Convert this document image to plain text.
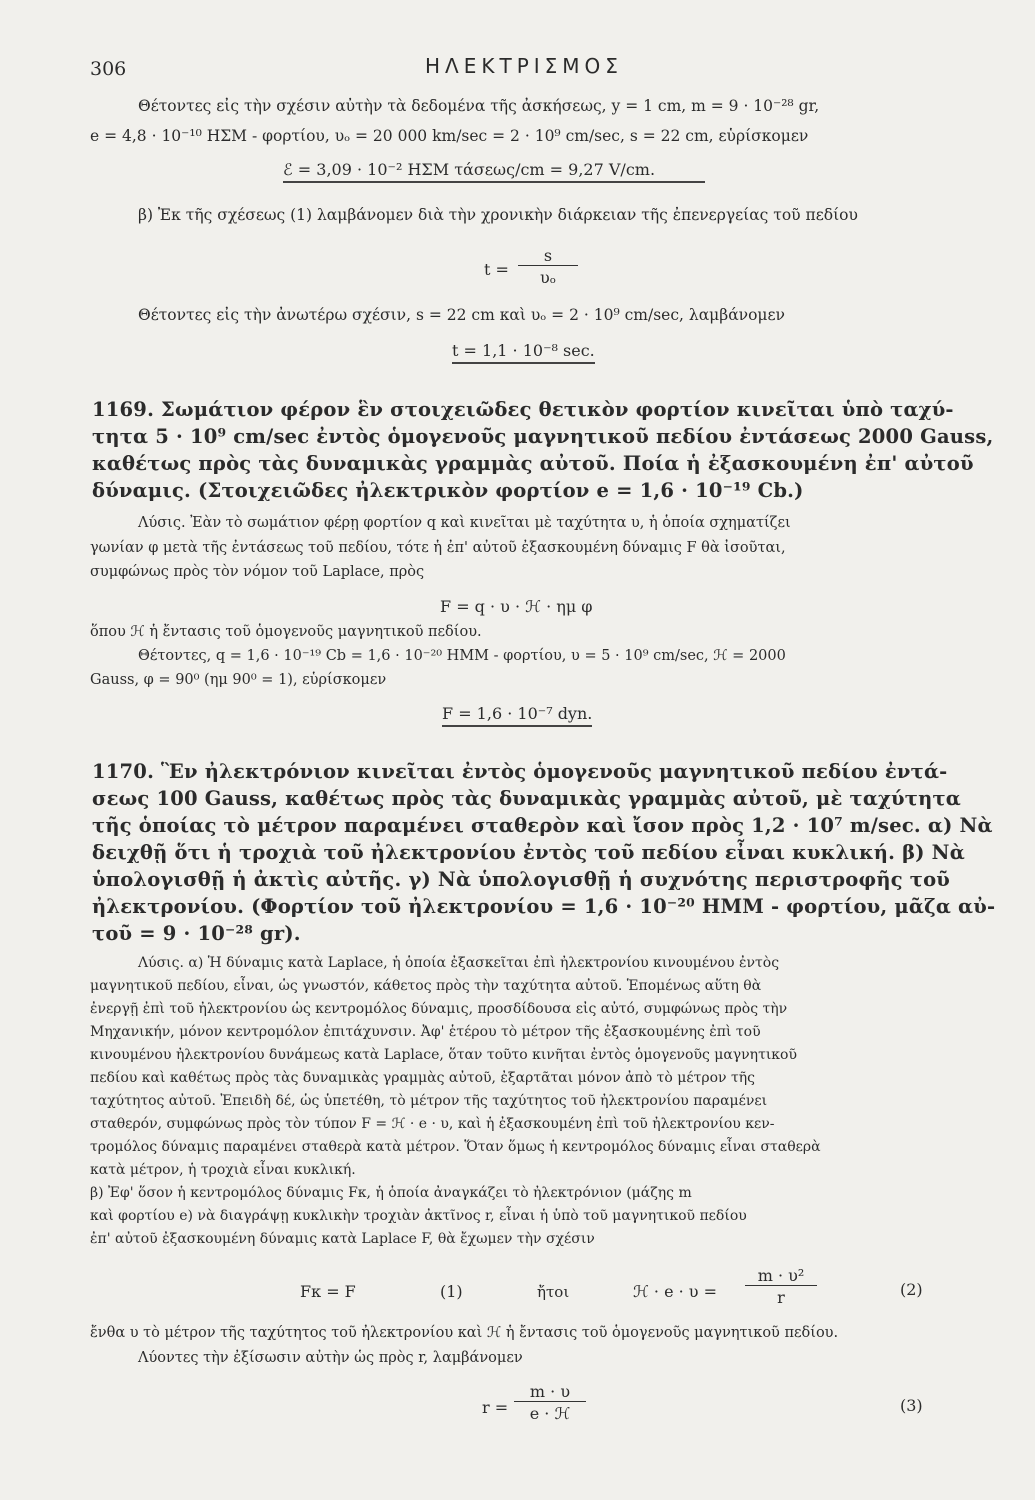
306	ΗΛΕΚΤΡΙΣΜΟΣ
Θέτοντες εἰς τὴν σχέσιν αὐτὴν τὰ δεδομένα τῆς ἀσκήσεως, y = 1 cm, m = 9 · 10⁻²⁸ gr,
e = 4,8 · 10⁻¹⁰ ΗΣΜ - φορτίου, υₒ = 20 000 km/sec = 2 · 10⁹ cm/sec, s = 22 cm, εὑρίσκομεν
ℰ = 3,09 · 10⁻² ΗΣΜ τάσεως/cm = 9,27 V/cm.
β) Ἐκ τῆς σχέσεως (1) λαμβάνομεν διὰ τὴν χρονικὴν διάρκειαν τῆς ἐπενεργείας τοῦ πεδίου
$t = \frac{s}{\text{υₒ}}$
Θέτοντες εἰς τὴν ἀνωτέρω σχέσιν, s = 22 cm καὶ υₒ = 2 · 10⁹ cm/sec, λαμβάνομεν
t = 1,1 · 10⁻⁸ sec.
1169. Σωμάτιον φέρον ἓν στοιχειῶδες θετικὸν φορτίον κινεῖται ὑπὸ ταχύ-
τητα 5 · 10⁹ cm/sec ἐντὸς ὁμογενοῦς μαγνητικοῦ πεδίου ἐντάσεως 2000 Gauss,
καθέτως πρὸς τὰς δυναμικὰς γραμμὰς αὐτοῦ. Ποία ἡ ἐξασκουμένη ἐπ' αὐτοῦ
δύναμις. (Στοιχειῶδες ἠλεκτρικὸν φορτίον e = 1,6 · 10⁻¹⁹ Cb.)
Λύσις. Ἐὰν τὸ σωμάτιον φέρῃ φορτίον q καὶ κινεῖται μὲ ταχύτητα υ, ἡ ὁποία σχηματίζει
γωνίαν φ μετὰ τῆς ἐντάσεως τοῦ πεδίου, τότε ἡ ἐπ' αὐτοῦ ἐξασκουμένη δύναμις F θὰ ἰσοῦται,
συμφώνως πρὸς τὸν νόμον τοῦ Laplace, πρὸς
F = q · υ · ℋ · ημ φ
ὅπου ℋ ἡ ἔντασις τοῦ ὁμογενοῦς μαγνητικοῦ πεδίου.
Θέτοντες, q = 1,6 · 10⁻¹⁹ Cb = 1,6 · 10⁻²⁰ ΗΜΜ - φορτίου, υ = 5 · 10⁹ cm/sec, ℋ = 2000
Gauss, φ = 90⁰ (ημ 90⁰ = 1), εὑρίσκομεν
F = 1,6 · 10⁻⁷ dyn.
1170. Ἓν ἠλεκτρόνιον κινεῖται ἐντὸς ὁμογενοῦς μαγνητικοῦ πεδίου ἐντά-
σεως 100 Gauss, καθέτως πρὸς τὰς δυναμικὰς γραμμὰς αὐτοῦ, μὲ ταχύτητα
τῆς ὁποίας τὸ μέτρον παραμένει σταθερὸν καὶ ἴσον πρὸς 1,2 · 10⁷ m/sec. α) Νὰ
δειχθῇ ὅτι ἡ τροχιὰ τοῦ ἠλεκτρονίου ἐντὸς τοῦ πεδίου εἶναι κυκλική. β) Νὰ
ὑπολογισθῇ ἡ ἀκτὶς αὐτῆς. γ) Νὰ ὑπολογισθῇ ἡ συχνότης περιστροφῆς τοῦ
ἠλεκτρονίου. (Φορτίον τοῦ ἠλεκτρονίου = 1,6 · 10⁻²⁰ ΗΜΜ - φορτίου, μᾶζα αὐ-
τοῦ = 9 · 10⁻²⁸ gr).
Λύσις. α) Ἡ δύναμις κατὰ Laplace, ἡ ὁποία ἐξασκεῖται ἐπὶ ἠλεκτρονίου κινουμένου ἐντὸς
μαγνητικοῦ πεδίου, εἶναι, ὡς γνωστόν, κάθετος πρὸς τὴν ταχύτητα αὐτοῦ. Ἑπομένως αὕτη θὰ
ἐνεργῇ ἐπὶ τοῦ ἠλεκτρονίου ὡς κεντρομόλος δύναμις, προσδίδουσα εἰς αὐτό, συμφώνως πρὸς τὴν
Μηχανικήν, μόνον κεντρομόλον ἐπιτάχυνσιν. Ἀφ' ἑτέρου τὸ μέτρον τῆς ἐξασκουμένης ἐπὶ τοῦ
κινουμένου ἠλεκτρονίου δυνάμεως κατὰ Laplace, ὅταν τοῦτο κινῆται ἐντὸς ὁμογενοῦς μαγνητικοῦ
πεδίου καὶ καθέτως πρὸς τὰς δυναμικὰς γραμμὰς αὐτοῦ, ἐξαρτᾶται μόνον ἀπὸ τὸ μέτρον τῆς
ταχύτητος αὐτοῦ. Ἐπειδὴ δέ, ὡς ὑπετέθη, τὸ μέτρον τῆς ταχύτητος τοῦ ἠλεκτρονίου παραμένει
σταθερόν, συμφώνως πρὸς τὸν τύπον F = ℋ · e · υ, καὶ ἡ ἐξασκουμένη ἐπὶ τοῦ ἠλεκτρονίου κεν-
τρομόλος δύναμις παραμένει σταθερὰ κατὰ μέτρον. Ὅταν ὅμως ἡ κεντρομόλος δύναμις εἶναι σταθερὰ
κατὰ μέτρον, ἡ τροχιὰ εἶναι κυκλική.
β) Ἐφ' ὅσον ἡ κεντρομόλος δύναμις Fκ, ἡ ὁποία ἀναγκάζει τὸ ἠλεκτρόνιον (μάζης m
καὶ φορτίου e) νὰ διαγράψῃ κυκλικὴν τροχιὰν ἀκτῖνος r, εἶναι ἡ ὑπὸ τοῦ μαγνητικοῦ πεδίου
ἐπ' αὐτοῦ ἐξασκουμένη δύναμις κατὰ Laplace F, θὰ ἔχωμεν τὴν σχέσιν
Fκ = F	(1)	ἤτοι	ℋ · $e \cdot \upsilon = \frac{\text{m · υ²}}{r}$	(2)
ἔνθα υ τὸ μέτρον τῆς ταχύτητος τοῦ ἠλεκτρονίου καὶ ℋ ἡ ἔντασις τοῦ ὁμογενοῦς μαγνητικοῦ πεδίου.
Λύοντες τὴν ἐξίσωσιν αὐτὴν ὡς πρὸς r, λαμβάνομεν
r =
m · υ
e · ℋ	(3)
